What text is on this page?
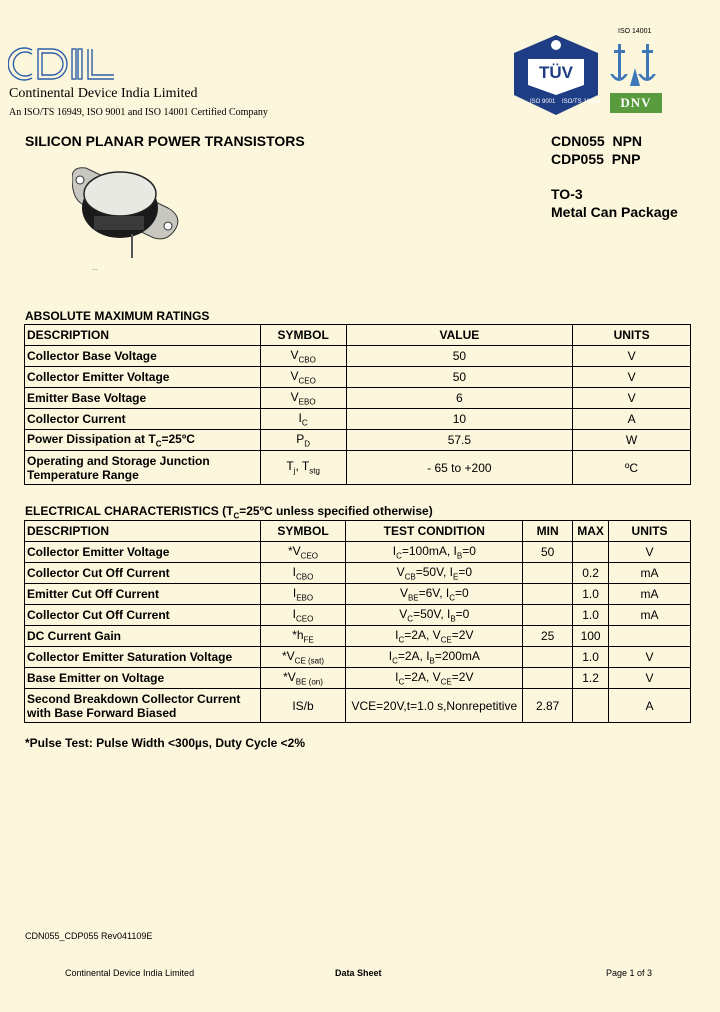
CDIL
Continental Device India Limited
An ISO/TS 16949, ISO 9001 and ISO 14001 Certified Company
TÜV
ISO 9001 ISO/TS 16949
ISO 14001
DNV
SILICON PLANAR POWER TRANSISTORS	CDN055 NPN
CDP055 PNP
TO-3
Metal Can Package
...
ABSOLUTE MAXIMUM RATINGS
DESCRIPTION	SYMBOL	VALUE	UNITS
Collector Base Voltage	$V_{CBO}$	50	V
Collector Emitter Voltage	$V_{CEO}$	50	V
Emitter Base Voltage	$V_{EBO}$	6	V
Collector Current	$I_C$	10	A
Power Dissipation at $T_C=25ºC$	$P_D$	57.5	W
Operating and Storage Junction
Temperature Range	$T_j$, $T_{stg}$	- 65 to +200	ºC
ELECTRICAL CHARACTERISTICS ($T_C=25ºC$ unless specified otherwise)
DESCRIPTION	SYMBOL	TEST CONDITION	MIN	MAX	UNITS
Collector Emitter Voltage	$*V_{CEO}$	$I_C=100mA$, $I_B=0$	50		V
Collector Cut Off Current	$I_{CBO}$	$V_{CB}=50V$, $I_E=0$		0.2	mA
Emitter Cut Off Current	$I_{EBO}$	$V_{BE}=6V$, $I_C=0$		1.0	mA
Collector Cut Off Current	$I_{CEO}$	$V_C=50V$, $I_B=0$		1.0	mA
DC Current Gain	$*h_{FE}$	$I_C=2A$, $V_{CE}=2V$	25	100	
Collector Emitter Saturation Voltage	$*V_{CE (sat)}$	$I_C=2A$, $I_B=200mA$		1.0	V
Base Emitter on Voltage	$*V_{BE (on)}$	$I_C=2A$, $V_{CE}=2V$		1.2	V
Second Breakdown Collector Current
with Base Forward Biased	IS/b	VCE=20V,t=1.0 s,Nonrepetitive	2.87		A
*Pulse Test: Pulse Width <300µs, Duty Cycle <2%
CDN055_CDP055 Rev041109E
Continental Device India Limited	Data Sheet	Page 1 of 3
